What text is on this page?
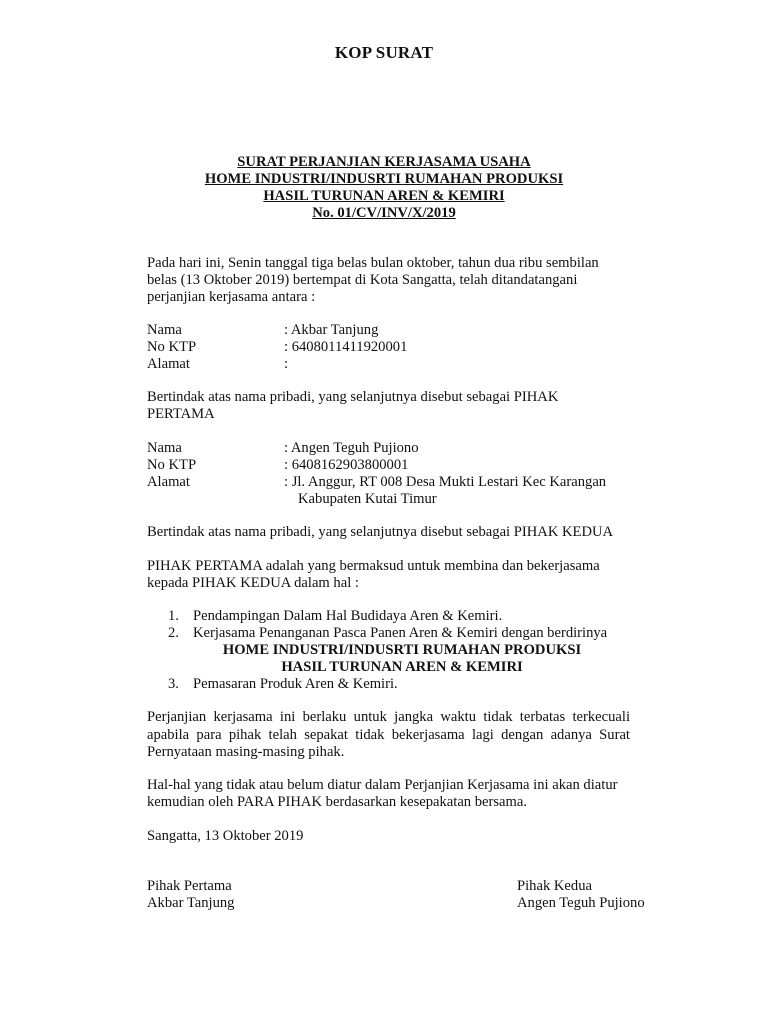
KOP SURAT
SURAT PERJANJIAN KERJASAMA USAHA
HOME INDUSTRI/INDUSRTI RUMAHAN PRODUKSI
HASIL TURUNAN AREN & KEMIRI
No. 01/CV/INV/X/2019
Pada hari ini, Senin tanggal tiga belas bulan oktober, tahun dua ribu sembilan
belas (13 Oktober 2019) bertempat di Kota Sangatta, telah ditandatangani
perjanjian kerjasama antara :
Nama	: Akbar Tanjung
No KTP	: 6408011411920001
Alamat	:
Bertindak atas nama pribadi, yang selanjutnya disebut sebagai PIHAK
PERTAMA
Nama	: Angen Teguh Pujiono
No KTP	: 6408162903800001
Alamat	: Jl. Anggur, RT 008 Desa Mukti Lestari Kec Karangan
Kabupaten Kutai Timur
Bertindak atas nama pribadi, yang selanjutnya disebut sebagai PIHAK KEDUA
PIHAK PERTAMA adalah yang bermaksud untuk membina dan bekerjasama
kepada PIHAK KEDUA dalam hal :
1. Pendampingan Dalam Hal Budidaya Aren & Kemiri.
2. Kerjasama Penanganan Pasca Panen Aren & Kemiri dengan berdirinya
HOME INDUSTRI/INDUSRTI RUMAHAN PRODUKSI
HASIL TURUNAN AREN & KEMIRI
3. Pemasaran Produk Aren & Kemiri.
Perjanjian kerjasama ini berlaku untuk jangka waktu tidak terbatas terkecuali apabila para pihak telah sepakat tidak bekerjasama lagi dengan adanya Surat Pernyataan masing-masing pihak.
Hal-hal yang tidak atau belum diatur dalam Perjanjian Kerjasama ini akan diatur
kemudian oleh PARA PIHAK berdasarkan kesepakatan bersama.
Sangatta, 13 Oktober 2019
Pihak Pertama
Akbar Tanjung
Pihak Kedua
Angen Teguh Pujiono
